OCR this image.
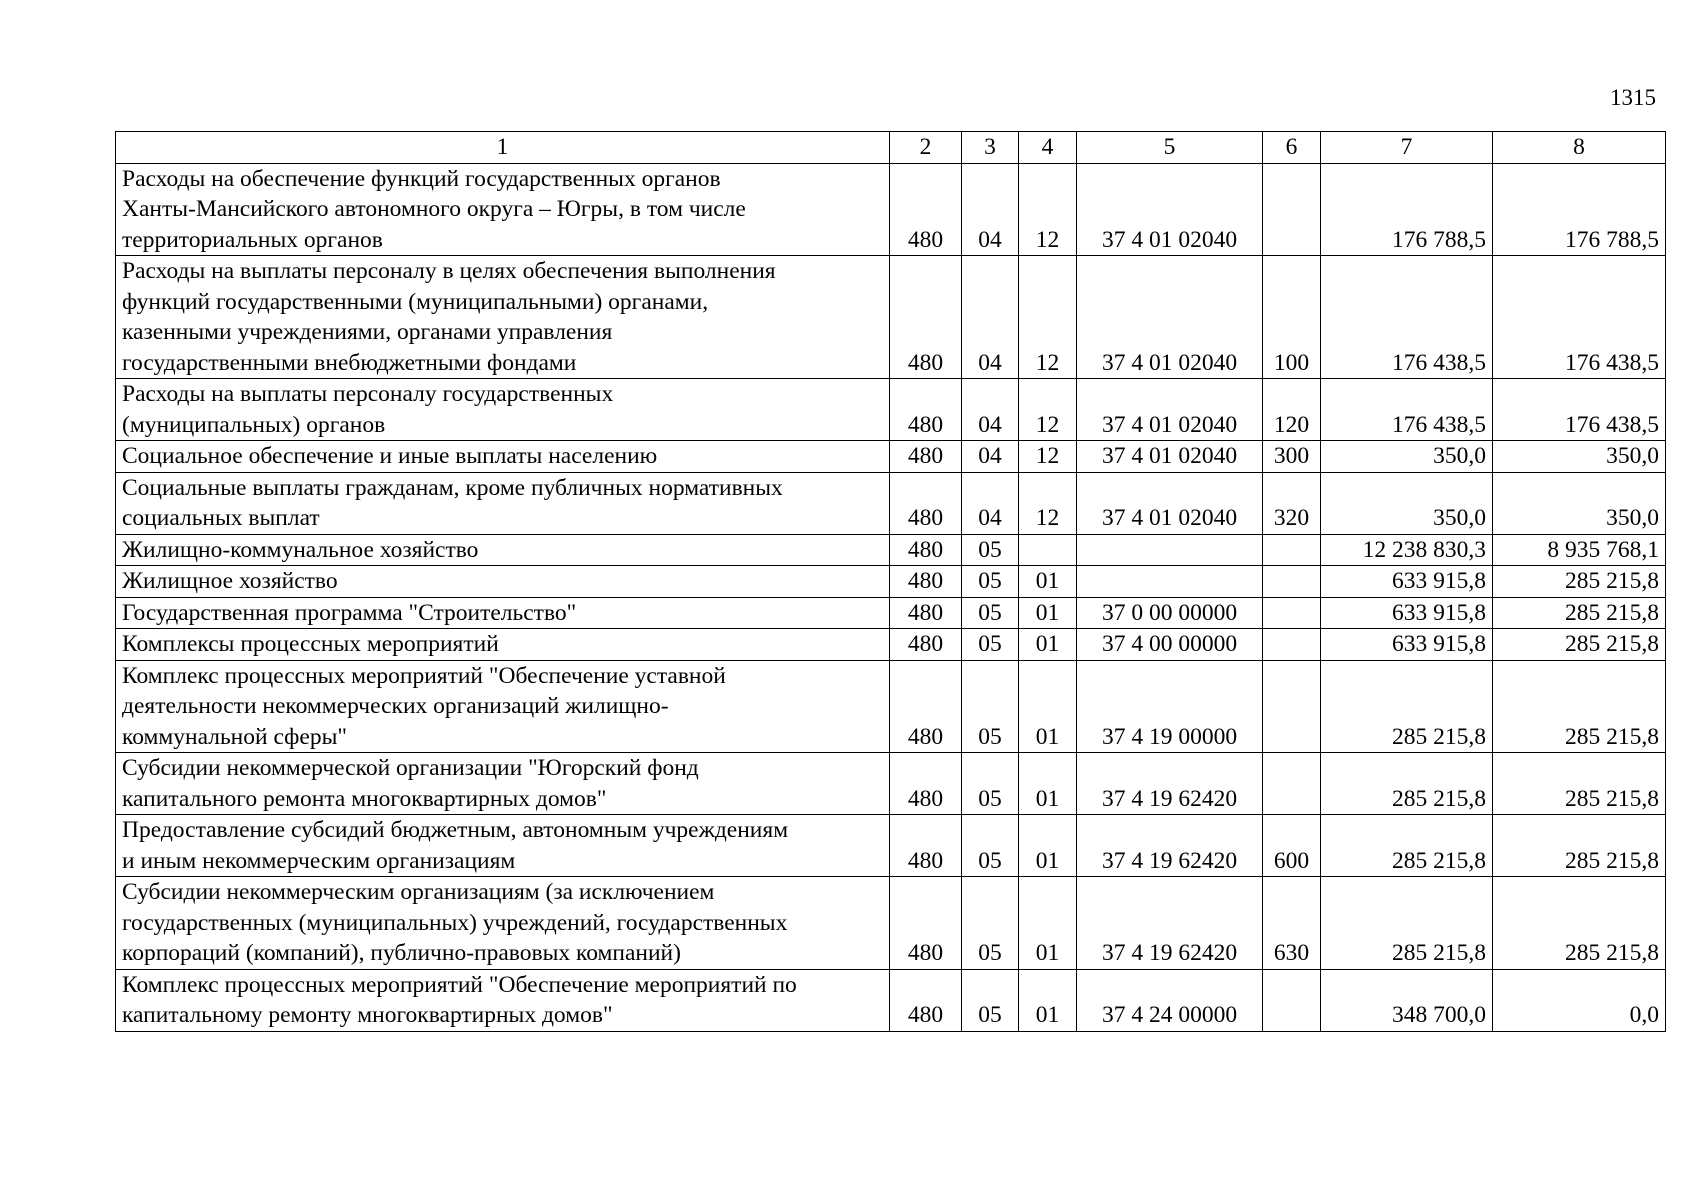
1315
1	2	3	4	5	6	7	8

Расходы на обеспечение функций государственных органов
Ханты-Мансийского автономного округа – Югры, в том числе
территориальных органов	480	04	12	37 4 01 02040		176 788,5	176 788,5

Расходы на выплаты персоналу в целях обеспечения выполнения
функций государственными (муниципальными) органами,
казенными учреждениями, органами управления
государственными внебюджетными фондами	480	04	12	37 4 01 02040	100	176 438,5	176 438,5

Расходы на выплаты персоналу государственных
(муниципальных) органов	480	04	12	37 4 01 02040	120	176 438,5	176 438,5

Социальное обеспечение и иные выплаты населению	480	04	12	37 4 01 02040	300	350,0	350,0

Социальные выплаты гражданам, кроме публичных нормативных
социальных выплат	480	04	12	37 4 01 02040	320	350,0	350,0

Жилищно-коммунальное хозяйство	480	05				12 238 830,3	8 935 768,1

Жилищное хозяйство	480	05	01			633 915,8	285 215,8

Государственная программа "Строительство"	480	05	01	37 0 00 00000		633 915,8	285 215,8

Комплексы процессных мероприятий	480	05	01	37 4 00 00000		633 915,8	285 215,8

Комплекс процессных мероприятий "Обеспечение уставной
деятельности некоммерческих организаций жилищно-
коммунальной сферы"	480	05	01	37 4 19 00000		285 215,8	285 215,8

Субсидии некоммерческой организации "Югорский фонд
капитального ремонта многоквартирных домов"	480	05	01	37 4 19 62420		285 215,8	285 215,8

Предоставление субсидий бюджетным, автономным учреждениям
и иным некоммерческим организациям	480	05	01	37 4 19 62420	600	285 215,8	285 215,8

Субсидии некоммерческим организациям (за исключением
государственных (муниципальных) учреждений, государственных
корпораций (компаний), публично-правовых компаний)	480	05	01	37 4 19 62420	630	285 215,8	285 215,8

Комплекс процессных мероприятий "Обеспечение мероприятий по
капитальному ремонту многоквартирных домов"	480	05	01	37 4 24 00000		348 700,0	0,0
